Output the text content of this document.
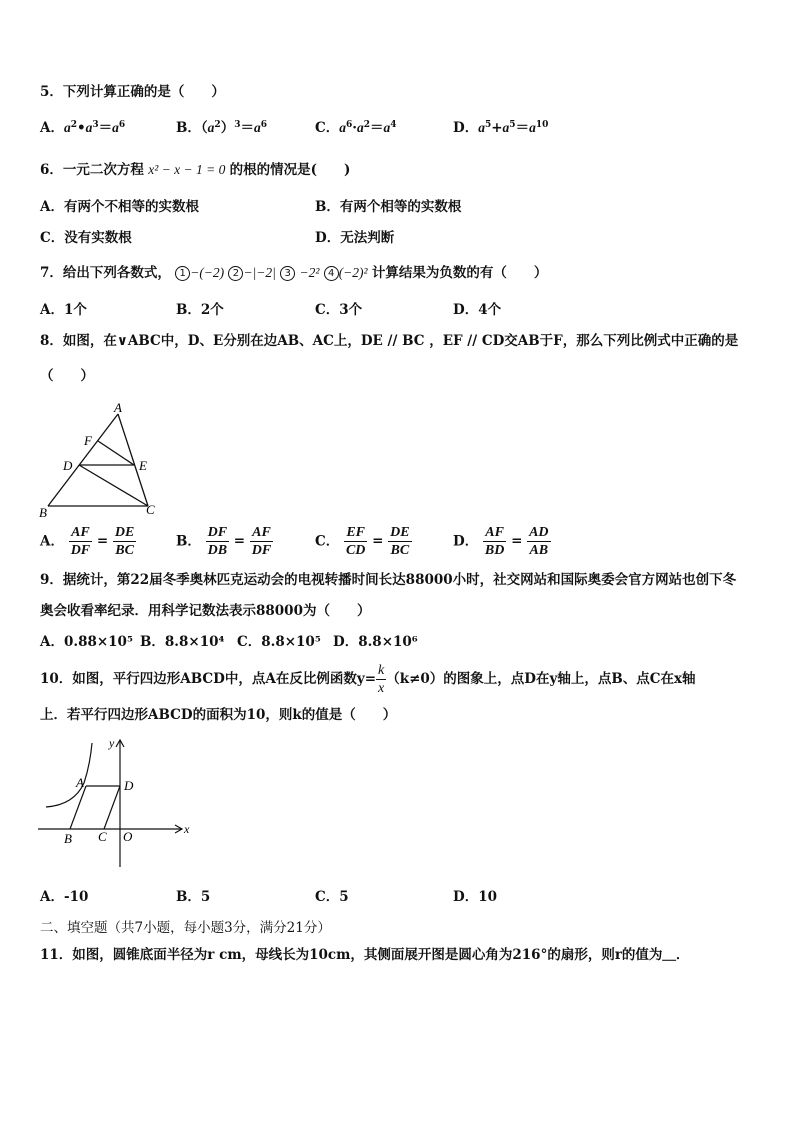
5．下列计算正确的是（　　）
A．$a^2•a^3=a^6$	B．$(a^2)^3=a^6$	C．$a^6\cdot a^2=a^4$	D．$a^5+a^5=a^{10}$
6．一元二次方程 x² − x − 1 = 0 的根的情况是(　　)
A．有两个不相等的实数根	B．有两个相等的实数根
C．没有实数根	D．无法判断
7．给出下列各数式， 1 −(−2) 2 −|−2| 3 −2² 4 (−2)² 计算结果为负数的有（　　）
A．1个	B．2个	C．3个	D．4个
8．如图，在∨ABC中，D、E分别在边AB、AC上，DE // BC ，EF // CD交AB于F，那么下列比例式中正确的是
（　　）
A
F
D	E
B	C
A． $\frac{AF}{DF} = \frac{DE}{BC}$	B． $\frac{DF}{DB} = \frac{AF}{DF}$	C． $\frac{EF}{CD} = \frac{DE}{BC}$	D． $\frac{AF}{BD} = \frac{AD}{AB}$
9．据统计，第22届冬季奥林匹克运动会的电视转播时间长达88000小时，社交网站和国际奥委会官方网站也创下冬
奥会收看率纪录．用科学记数法表示88000为（　　）
A．0.88×10⁵ B．8.8×10⁴ C．8.8×10⁵ D．8.8×10⁶
10．如图，平行四边形ABCD中，点A在反比例函数$y= \frac{k}{x} (k\ne 0)$的图象上，点D在y轴上，点B、点C在x轴
上．若平行四边形ABCD的面积为10，则k的值是（　　）
y
A	D
x
B C O
A．-10	B．5	C．5	D．10
二、填空题（共7小题，每小题3分，满分21分）
11．如图，圆锥底面半径为r cm，母线长为10cm，其侧面展开图是圆心角为216°的扇形，则r的值为＿．
